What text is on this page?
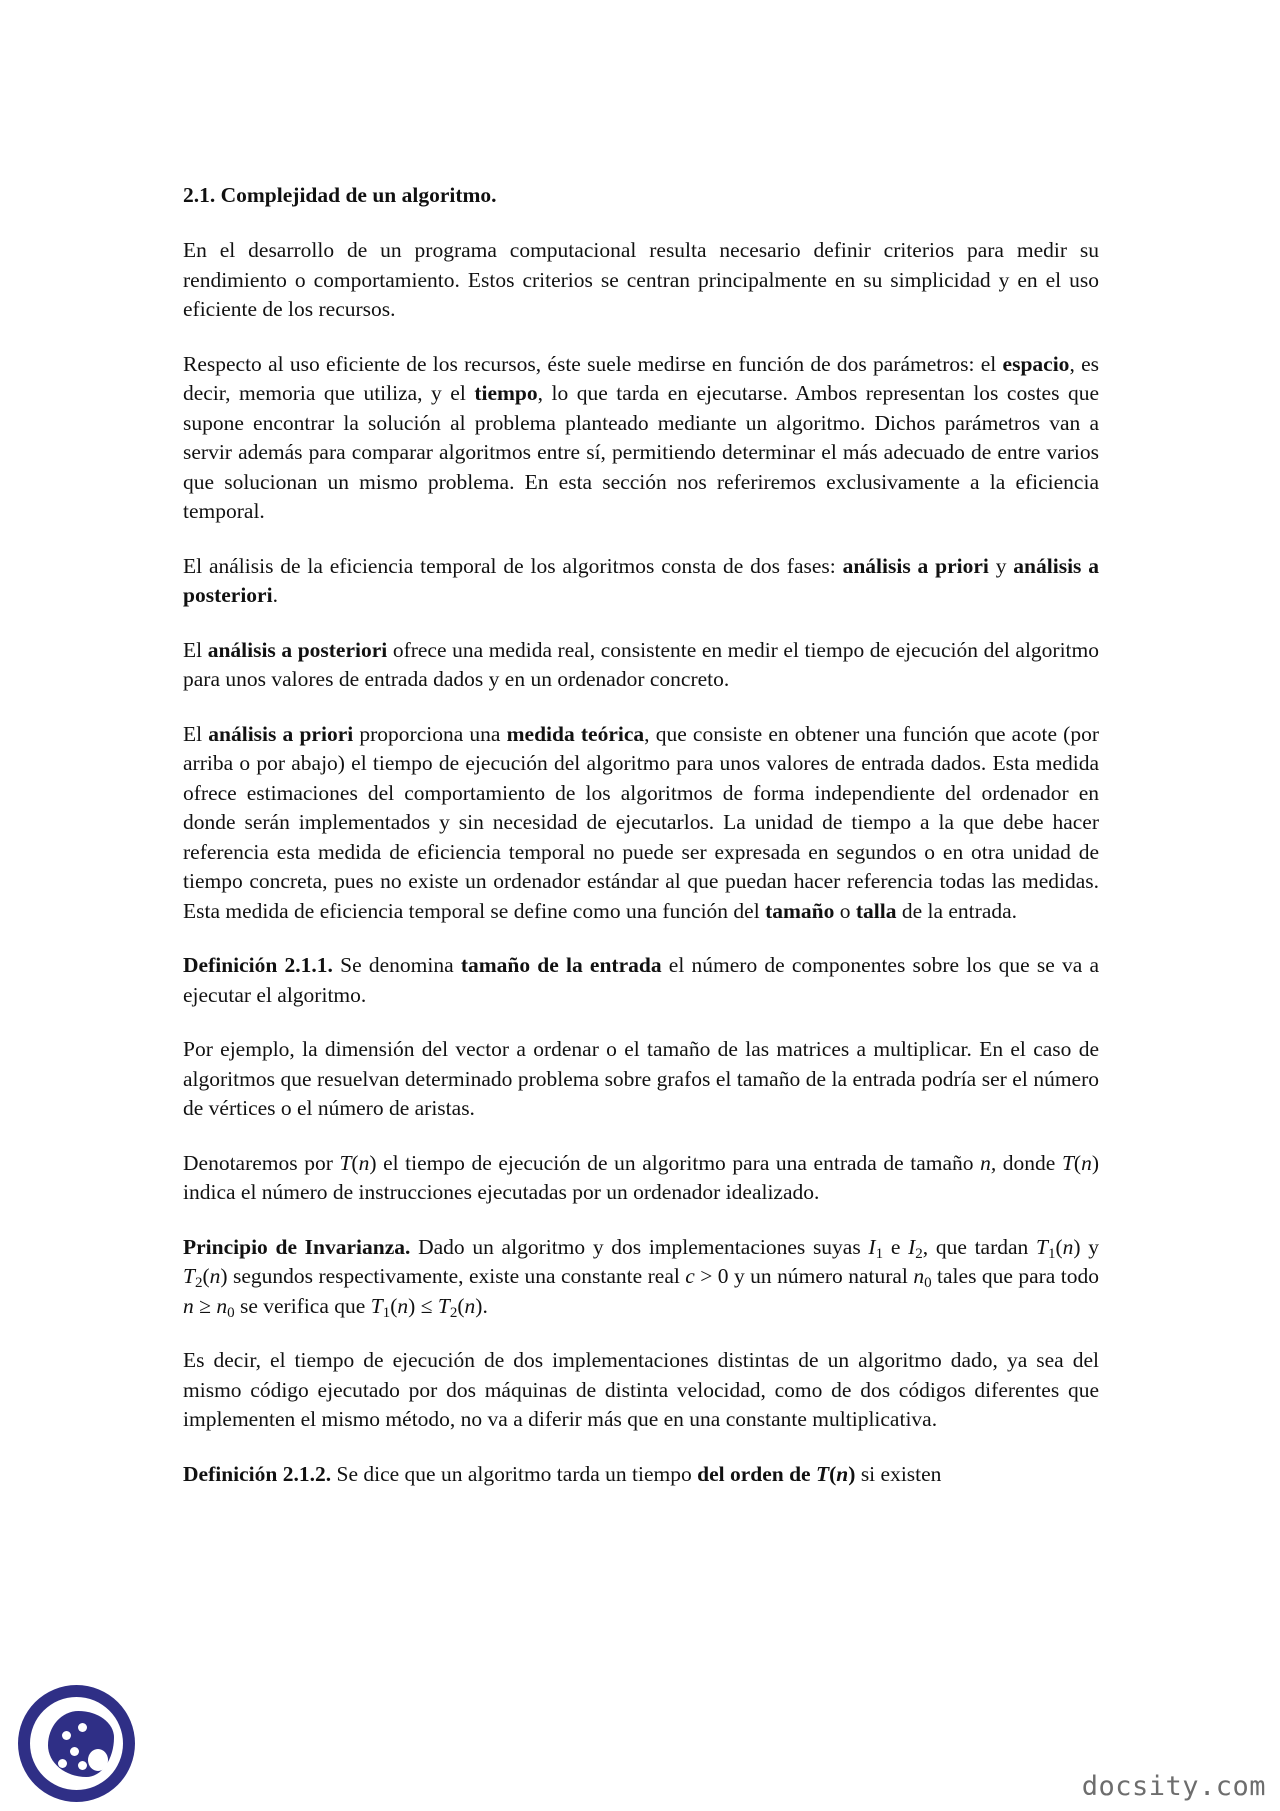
2.1. Complejidad de un algoritmo.

En el desarrollo de un programa computacional resulta necesario definir criterios para medir su rendimiento o comportamiento. Estos criterios se centran principalmente en su simplicidad y en el uso eficiente de los recursos.

Respecto al uso eficiente de los recursos, éste suele medirse en función de dos parámetros: el espacio, es decir, memoria que utiliza, y el tiempo, lo que tarda en ejecutarse. Ambos representan los costes que supone encontrar la solución al problema planteado mediante un algoritmo. Dichos parámetros van a servir además para comparar algoritmos entre sí, permitiendo determinar el más adecuado de entre varios que solucionan un mismo problema. En esta sección nos referiremos exclusivamente a la eficiencia temporal.

El análisis de la eficiencia temporal de los algoritmos consta de dos fases: análisis a priori y análisis a posteriori.

El análisis a posteriori ofrece una medida real, consistente en medir el tiempo de ejecución del algoritmo para unos valores de entrada dados y en un ordenador concreto.

El análisis a priori proporciona una medida teórica, que consiste en obtener una función que acote (por arriba o por abajo) el tiempo de ejecución del algoritmo para unos valores de entrada dados. Esta medida ofrece estimaciones del comportamiento de los algoritmos de forma independiente del ordenador en donde serán implementados y sin necesidad de ejecutarlos. La unidad de tiempo a la que debe hacer referencia esta medida de eficiencia temporal no puede ser expresada en segundos o en otra unidad de tiempo concreta, pues no existe un ordenador estándar al que puedan hacer referencia todas las medidas. Esta medida de eficiencia temporal se define como una función del tamaño o talla de la entrada.

Definición 2.1.1. Se denomina tamaño de la entrada el número de componentes sobre los que se va a ejecutar el algoritmo.

Por ejemplo, la dimensión del vector a ordenar o el tamaño de las matrices a multiplicar. En el caso de algoritmos que resuelvan determinado problema sobre grafos el tamaño de la entrada podría ser el número de vértices o el número de aristas.

Denotaremos por T(n) el tiempo de ejecución de un algoritmo para una entrada de tamaño n, donde T(n) indica el número de instrucciones ejecutadas por un ordenador idealizado.

Principio de Invarianza. Dado un algoritmo y dos implementaciones suyas $I_1$ e $I_2$, que tardan $T_1(n)$ y $T_2(n)$ segundos respectivamente, existe una constante real c > 0 y un número natural $n_0$ tales que para todo $n \ge n_0$ se verifica que $T_1(n) \le T_2(n)$.

Es decir, el tiempo de ejecución de dos implementaciones distintas de un algoritmo dado, ya sea del mismo código ejecutado por dos máquinas de distinta velocidad, como de dos códigos diferentes que implementen el mismo método, no va a diferir más que en una constante multiplicativa.

Definición 2.1.2. Se dice que un algoritmo tarda un tiempo del orden de T(n) si existen

docsity.com
